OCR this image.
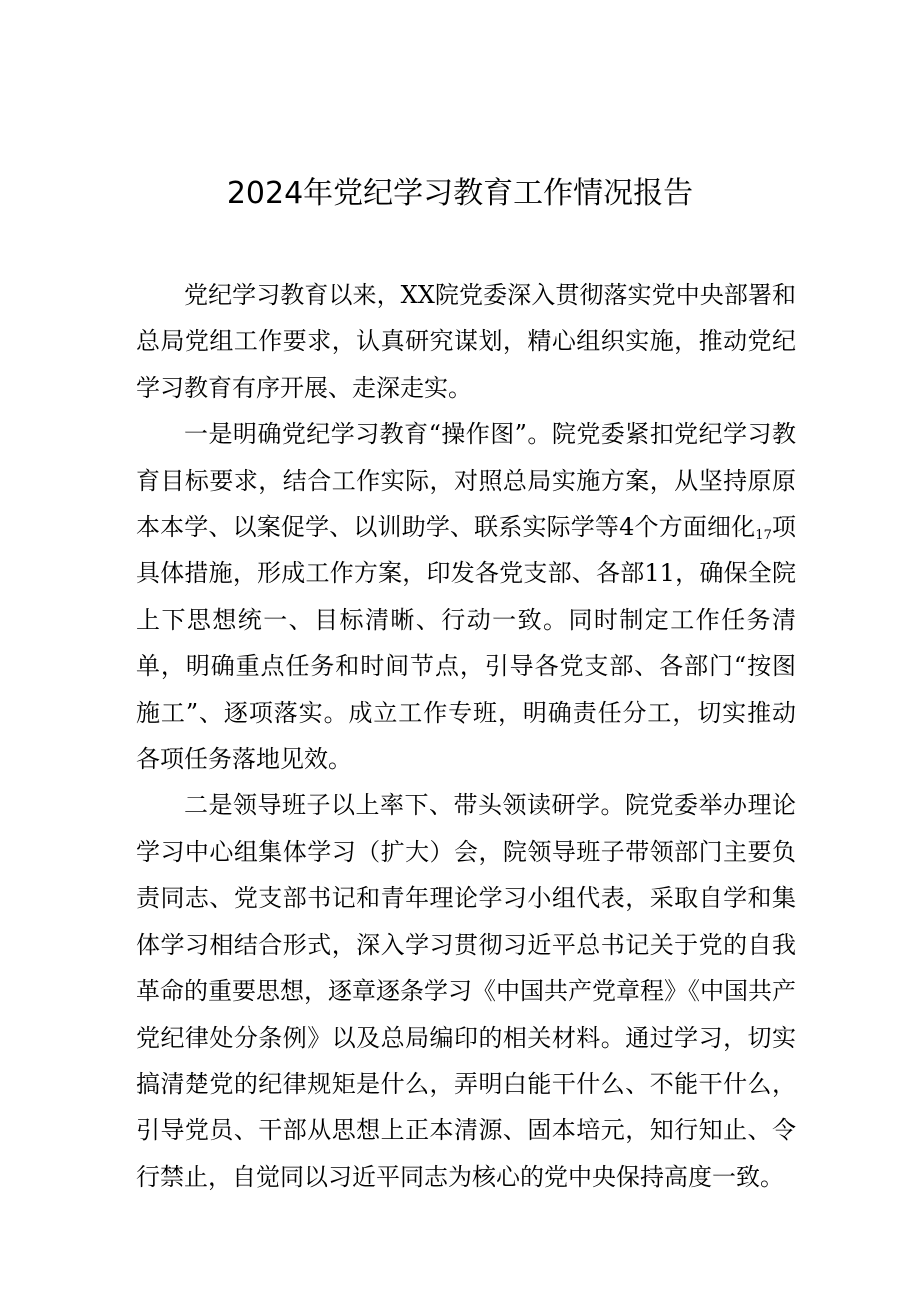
2024年党纪学习教育工作情况报告

党纪学习教育以来，XX院党委深入贯彻落实党中央部署和总局党组工作要求，认真研究谋划，精心组织实施，推动党纪学习教育有序开展、走深走实。

一是明确党纪学习教育“操作图”。院党委紧扣党纪学习教育目标要求，结合工作实际，对照总局实施方案，从坚持原原本本学、以案促学、以训助学、联系实际学等4个方面细化$_{17}$项具体措施，形成工作方案，印发各党支部、各部11，确保全院上下思想统一、目标清晰、行动一致。同时制定工作任务清单，明确重点任务和时间节点，引导各党支部、各部门“按图施工”、逐项落实。成立工作专班，明确责任分工，切实推动各项任务落地见效。

二是领导班子以上率下、带头领读研学。院党委举办理论学习中心组集体学习（扩大）会，院领导班子带领部门主要负责同志、党支部书记和青年理论学习小组代表，采取自学和集体学习相结合形式，深入学习贯彻习近平总书记关于党的自我革命的重要思想，逐章逐条学习《中国共产党章程》《中国共产党纪律处分条例》以及总局编印的相关材料。通过学习，切实搞清楚党的纪律规矩是什么，弄明白能干什么、不能干什么，引导党员、干部从思想上正本清源、固本培元，知行知止、令行禁止，自觉同以习近平同志为核心的党中央保持高度一致。
